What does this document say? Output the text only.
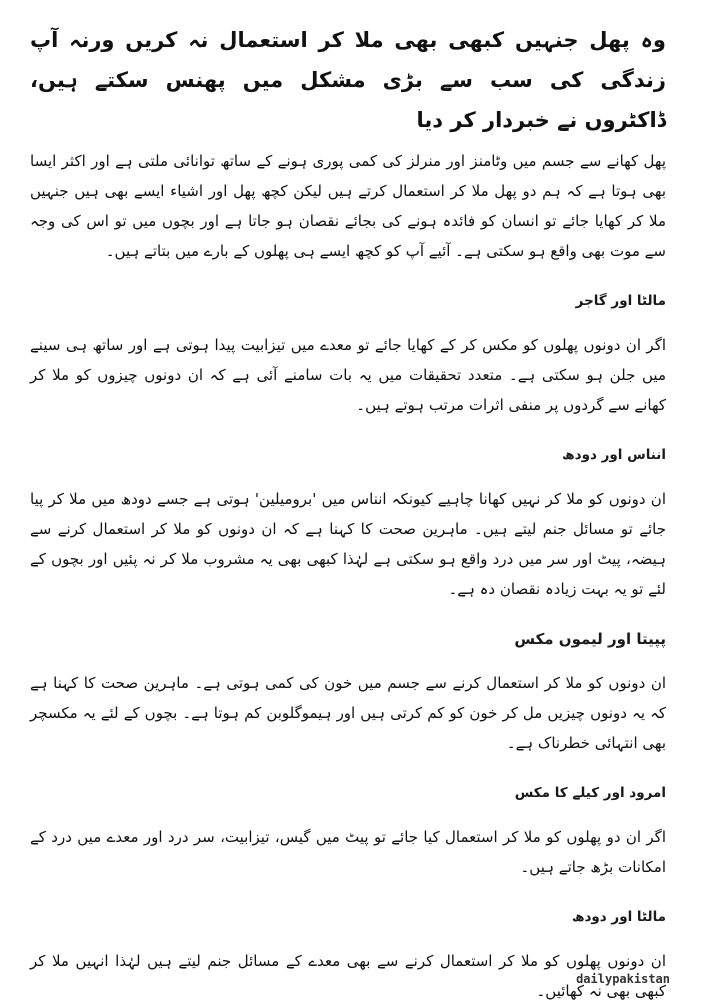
وہ پھل جنہیں کبھی بھی ملا کر استعمال نہ کریں ورنہ آپ زندگی کی سب سے بڑی مشکل میں پھنس سکتے ہیں، ڈاکٹروں نے خبردار کر دیا

پھل کھانے سے جسم میں وٹامنز اور منرلز کی کمی پوری ہونے کے ساتھ توانائی ملتی ہے اور اکثر ایسا بھی ہوتا ہے کہ ہم دو پھل ملا کر استعمال کرتے ہیں لیکن کچھ پھل اور اشیاء ایسے بھی ہیں جنہیں ملا کر کھایا جائے تو انسان کو فائدہ ہونے کی بجائے نقصان ہو جاتا ہے اور بچوں میں تو اس کی وجہ سے موت بھی واقع ہو سکتی ہے۔ آئیے آپ کو کچھ ایسے ہی پھلوں کے بارے میں بتاتے ہیں۔

مالٹا اور گاجر

اگر ان دونوں پھلوں کو مکس کر کے کھایا جائے تو معدے میں تیزابیت پیدا ہوتی ہے اور ساتھ ہی سینے میں جلن ہو سکتی ہے۔ متعدد تحقیقات میں یہ بات سامنے آئی ہے کہ ان دونوں چیزوں کو ملا کر کھانے سے گردوں پر منفی اثرات مرتب ہوتے ہیں۔

انناس اور دودھ

ان دونوں کو ملا کر نہیں کھانا چاہیے کیونکہ انناس میں 'برومیلین' ہوتی ہے جسے دودھ میں ملا کر پیا جائے تو مسائل جنم لیتے ہیں۔ ماہرین صحت کا کہنا ہے کہ ان دونوں کو ملا کر استعمال کرنے سے ہیضہ، پیٹ اور سر میں درد واقع ہو سکتی ہے لہٰذا کبھی بھی یہ مشروب ملا کر نہ پئیں اور بچوں کے لئے تو یہ بہت زیادہ نقصان دہ ہے۔

پپیتا اور لیموں مکس

ان دونوں کو ملا کر استعمال کرنے سے جسم میں خون کی کمی ہوتی ہے۔ ماہرین صحت کا کہنا ہے کہ یہ دونوں چیزیں مل کر خون کو کم کرتی ہیں اور ہیموگلوبن کم ہوتا ہے۔ بچوں کے لئے یہ مکسچر بھی انتہائی خطرناک ہے۔

امرود اور کیلے کا مکس

اگر ان دو پھلوں کو ملا کر استعمال کیا جائے تو پیٹ میں گیس، تیزابیت، سر درد اور معدے میں درد کے امکانات بڑھ جاتے ہیں۔

مالٹا اور دودھ

ان دونوں پھلوں کو ملا کر استعمال کرنے سے بھی معدے کے مسائل جنم لیتے ہیں لہٰذا انہیں ملا کر کبھی بھی نہ کھائیں۔

dailypakistan
